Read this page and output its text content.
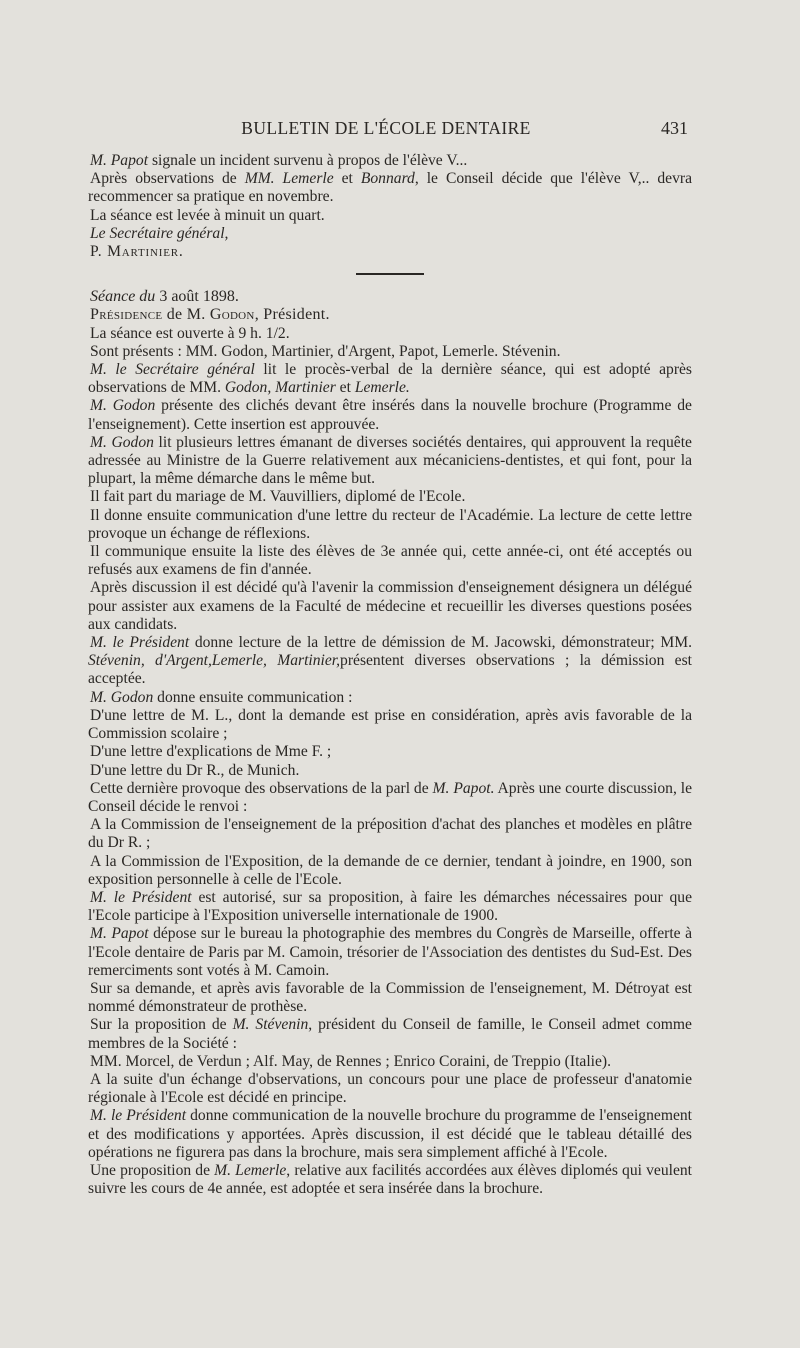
BULLETIN DE L'ÉCOLE DENTAIRE	431

M. Papot signale un incident survenu à propos de l'élève V...

Après observations de MM. Lemerle et Bonnard, le Conseil décide que l'élève V,.. devra recommencer sa pratique en novembre.

La séance est levée à minuit un quart.

Le Secrétaire général,

P. Martinier.

Séance du 3 août 1898.

Présidence de M. Godon, Président.

La séance est ouverte à 9 h. 1/2.

Sont présents : MM. Godon, Martinier, d'Argent, Papot, Lemerle. Stévenin.

M. le Secrétaire général lit le procès-verbal de la dernière séance, qui est adopté après observations de MM. Godon, Martinier et Lemerle.

M. Godon présente des clichés devant être insérés dans la nouvelle brochure (Programme de l'enseignement). Cette insertion est approuvée.

M. Godon lit plusieurs lettres émanant de diverses sociétés dentaires, qui approuvent la requête adressée au Ministre de la Guerre relativement aux mécaniciens-dentistes, et qui font, pour la plupart, la même démarche dans le même but.

Il fait part du mariage de M. Vauvilliers, diplomé de l'Ecole.

Il donne ensuite communication d'une lettre du recteur de l'Académie. La lecture de cette lettre provoque un échange de réflexions.

Il communique ensuite la liste des élèves de 3e année qui, cette année-ci, ont été acceptés ou refusés aux examens de fin d'année.

Après discussion il est décidé qu'à l'avenir la commission d'enseignement désignera un délégué pour assister aux examens de la Faculté de médecine et recueillir les diverses questions posées aux candidats.

M. le Président donne lecture de la lettre de démission de M. Jacowski, démonstrateur; MM. Stévenin, d'Argent,Lemerle, Martinier,présentent diverses observations ; la démission est acceptée.

M. Godon donne ensuite communication :

D'une lettre de M. L., dont la demande est prise en considération, après avis favorable de la Commission scolaire ;

D'une lettre d'explications de Mme F. ;

D'une lettre du Dr R., de Munich.

Cette dernière provoque des observations de la parl de M. Papot. Après une courte discussion, le Conseil décide le renvoi :

A la Commission de l'enseignement de la préposition d'achat des planches et modèles en plâtre du Dr R. ;

A la Commission de l'Exposition, de la demande de ce dernier, tendant à joindre, en 1900, son exposition personnelle à celle de l'Ecole.

M. le Président est autorisé, sur sa proposition, à faire les démarches nécessaires pour que l'Ecole participe à l'Exposition universelle internationale de 1900.

M. Papot dépose sur le bureau la photographie des membres du Congrès de Marseille, offerte à l'Ecole dentaire de Paris par M. Camoin, trésorier de l'Association des dentistes du Sud-Est. Des remerciments sont votés à M. Camoin.

Sur sa demande, et après avis favorable de la Commission de l'enseignement, M. Détroyat est nommé démonstrateur de prothèse.

Sur la proposition de M. Stévenin, président du Conseil de famille, le Conseil admet comme membres de la Société :

MM. Morcel, de Verdun ; Alf. May, de Rennes ; Enrico Coraini, de Treppio (Italie).

A la suite d'un échange d'observations, un concours pour une place de professeur d'anatomie régionale à l'Ecole est décidé en principe.

M. le Président donne communication de la nouvelle brochure du programme de l'enseignement et des modifications y apportées. Après discussion, il est décidé que le tableau détaillé des opérations ne figurera pas dans la brochure, mais sera simplement affiché à l'Ecole.

Une proposition de M. Lemerle, relative aux facilités accordées aux élèves diplomés qui veulent suivre les cours de 4e année, est adoptée et sera insérée dans la brochure.
